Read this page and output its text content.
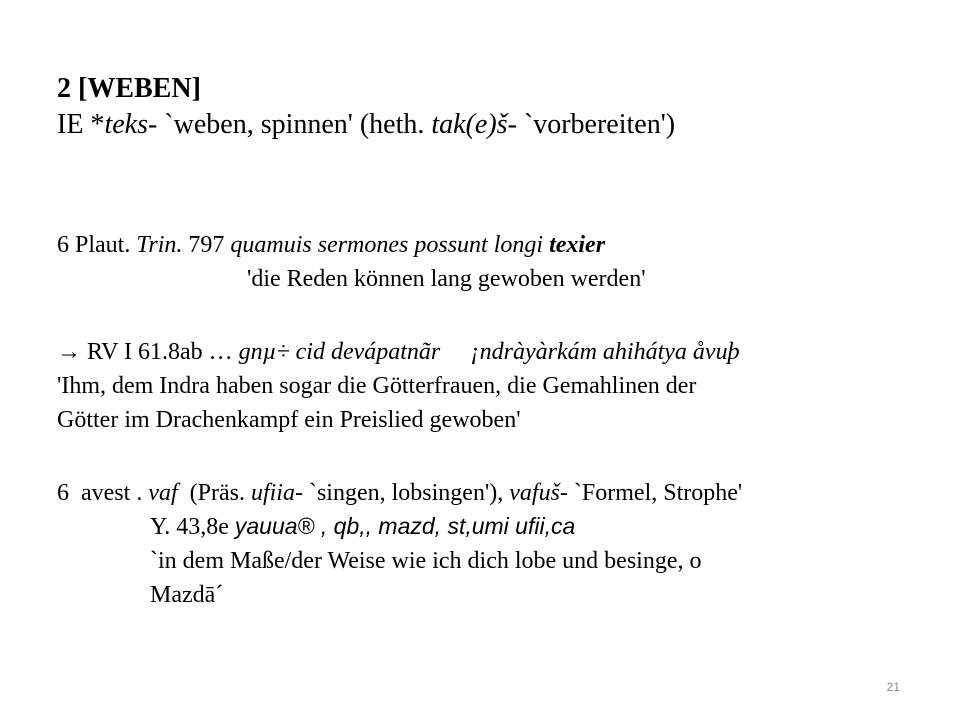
2 [WEBEN]
IE *teks- `weben, spinnen' (heth. tak(e)š- `vorbereiten')
6 Plaut. Trin. 797 quamuis sermones possunt longi texier
'die Reden können lang gewoben werden'
→ RV I 61.8ab … gnµ÷ cid devápatnãr     ¡ndràyàrkám ahihátya åvuþ
'Ihm, dem Indra haben sogar die Götterfrauen, die Gemahlinen der
Götter im Drachenkampf ein Preislied gewoben'
6  avest . vaf  (Präs. ufiia- `singen, lobsingen'), vafuš- `Formel, Strophe'
Y. 43,8e yauua® , qb,, mazd, st,umi ufii,ca
`in dem Maße/der Weise wie ich dich lobe und besinge, o
Mazdā´
21
